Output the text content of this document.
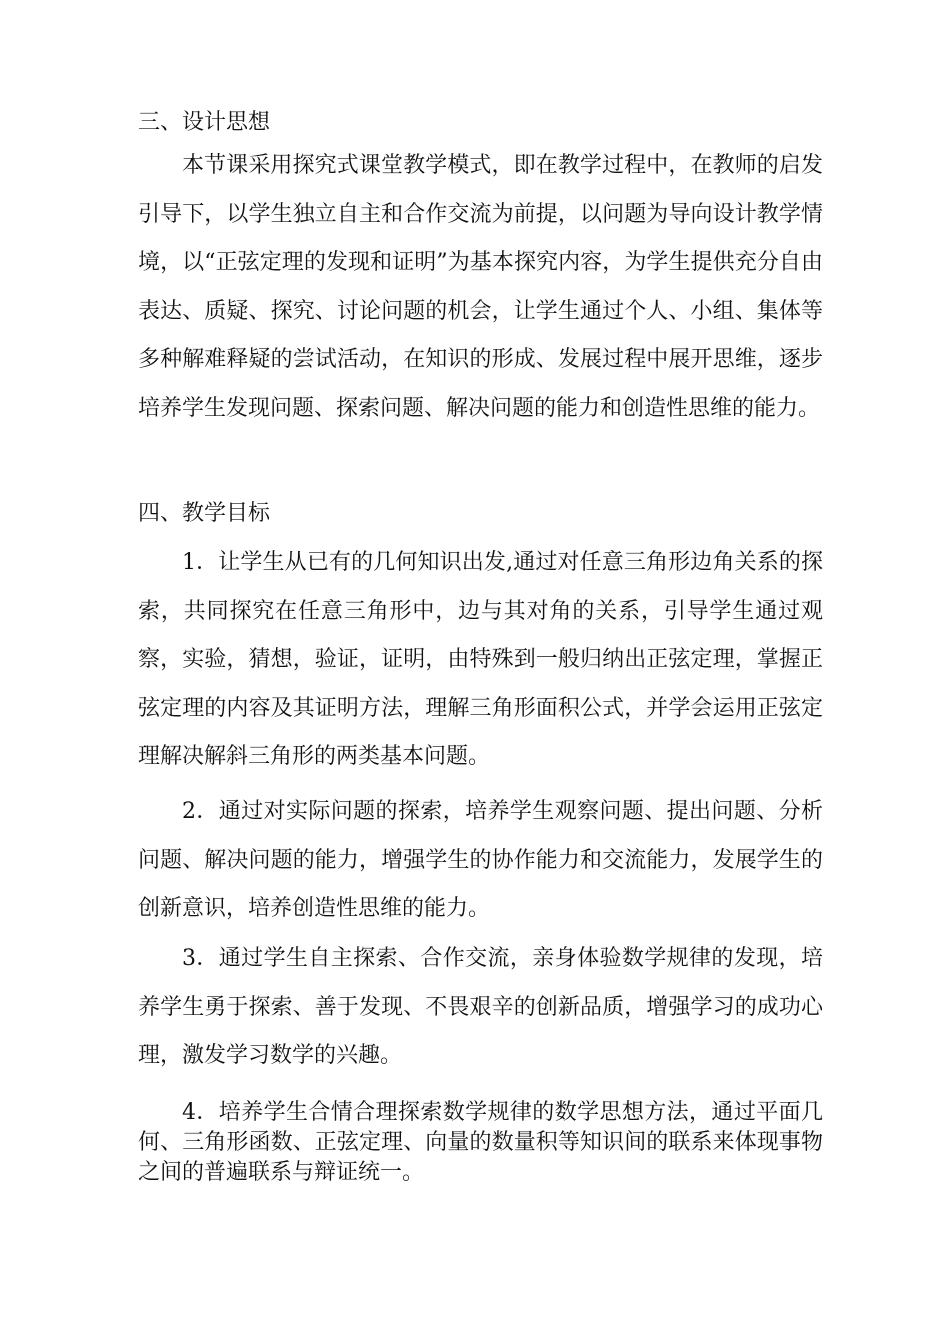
三、设计思想

本节课采用探究式课堂教学模式，即在教学过程中，在教师的启发引导下，以学生独立自主和合作交流为前提，以问题为导向设计教学情境，以“正弦定理的发现和证明”为基本探究内容，为学生提供充分自由表达、质疑、探究、讨论问题的机会，让学生通过个人、小组、集体等多种解难释疑的尝试活动，在知识的形成、发展过程中展开思维，逐步培养学生发现问题、探索问题、解决问题的能力和创造性思维的能力。

四、教学目标

1．让学生从已有的几何知识出发,通过对任意三角形边角关系的探索，共同探究在任意三角形中，边与其对角的关系，引导学生通过观察，实验，猜想，验证，证明，由特殊到一般归纳出正弦定理，掌握正弦定理的内容及其证明方法，理解三角形面积公式，并学会运用正弦定理解决解斜三角形的两类基本问题。

2．通过对实际问题的探索，培养学生观察问题、提出问题、分析问题、解决问题的能力，增强学生的协作能力和交流能力，发展学生的创新意识，培养创造性思维的能力。

3．通过学生自主探索、合作交流，亲身体验数学规律的发现，培养学生勇于探索、善于发现、不畏艰辛的创新品质，增强学习的成功心理，激发学习数学的兴趣。

4．培养学生合情合理探索数学规律的数学思想方法，通过平面几何、三角形函数、正弦定理、向量的数量积等知识间的联系来体现事物之间的普遍联系与辩证统一。
